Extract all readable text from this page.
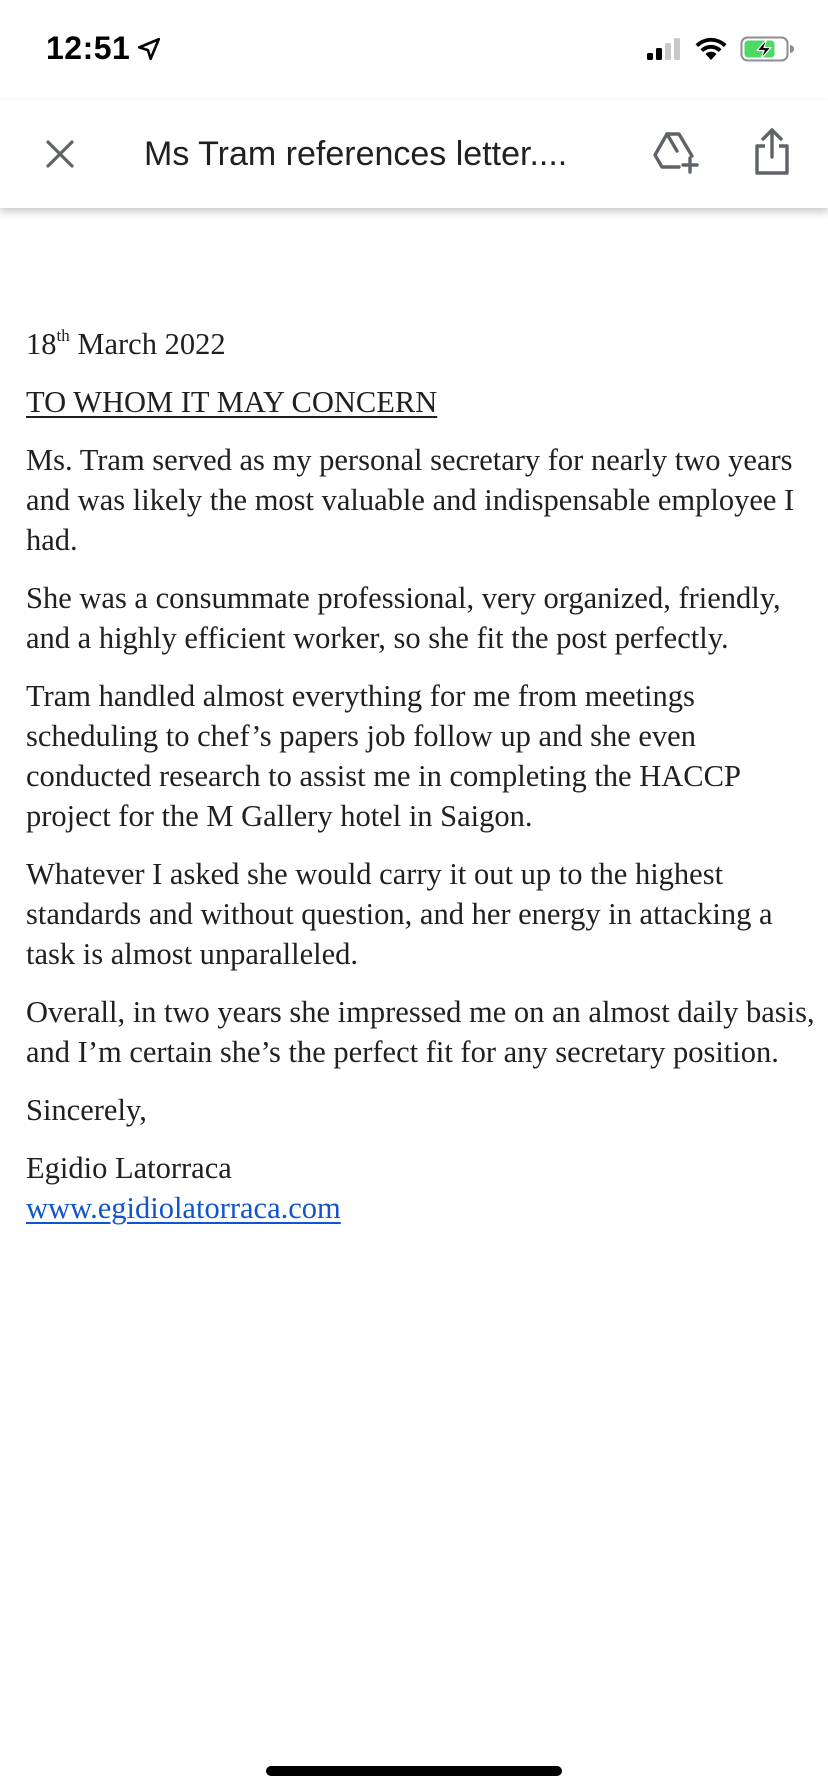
12:51
Ms Tram references letter....

18th March 2022

TO WHOM IT MAY CONCERN

Ms. Tram served as my personal secretary for nearly two years and was likely the most valuable and indispensable employee I had.

She was a consummate professional, very organized, friendly, and a highly efficient worker, so she fit the post perfectly.

Tram handled almost everything for me from meetings scheduling to chef’s papers job follow up and she even conducted research to assist me in completing the HACCP project for the M Gallery hotel in Saigon.

Whatever I asked she would carry it out up to the highest standards and without question, and her energy in attacking a task is almost unparalleled.

Overall, in two years she impressed me on an almost daily basis, and I’m certain she’s the perfect fit for any secretary position.

Sincerely,

Egidio Latorraca
www.egidiolatorraca.com
